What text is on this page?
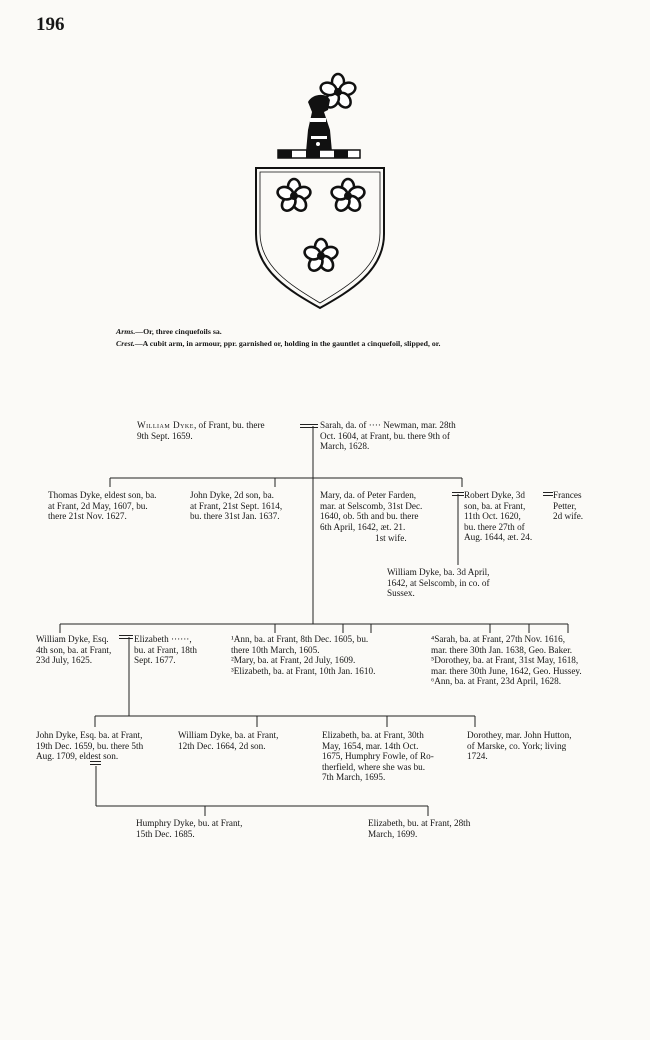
196
Arms.—Or, three cinquefoils sa.
Crest.—A cubit arm, in armour, ppr. garnished or, holding in the gauntlet a cinquefoil, slipped, or.
William Dyke, of Frant, bu. there
9th Sept. 1659.
Sarah, da. of ···· Newman, mar. 28th
Oct. 1604, at Frant, bu. there 9th of
March, 1628.
Thomas Dyke, eldest son, ba.
at Frant, 2d May, 1607, bu.
there 21st Nov. 1627.
John Dyke, 2d son, ba.
at Frant, 21st Sept. 1614,
bu. there 31st Jan. 1637.
Mary, da. of Peter Farden,
mar. at Selscomb, 31st Dec.
1640, ob. 5th and bu. there
6th April, 1642, æt. 21.
1st wife.
Robert Dyke, 3d
son, ba. at Frant,
11th Oct. 1620,
bu. there 27th of
Aug. 1644, æt. 24.
Frances
Petter,
2d wife.
William Dyke, ba. 3d April,
1642, at Selscomb, in co. of
Sussex.
William Dyke, Esq.
4th son, ba. at Frant,
23d July, 1625.
Elizabeth ······,
bu. at Frant, 18th
Sept. 1677.
¹Ann, ba. at Frant, 8th Dec. 1605, bu.
there 10th March, 1605.
²Mary, ba. at Frant, 2d July, 1609.
³Elizabeth, ba. at Frant, 10th Jan. 1610.
⁴Sarah, ba. at Frant, 27th Nov. 1616,
mar. there 30th Jan. 1638, Geo. Baker.
⁵Dorothey, ba. at Frant, 31st May, 1618,
mar. there 30th June, 1642, Geo. Hussey.
⁶Ann, ba. at Frant, 23d April, 1628.
John Dyke, Esq. ba. at Frant,
19th Dec. 1659, bu. there 5th
Aug. 1709, eldest son.
William Dyke, ba. at Frant,
12th Dec. 1664, 2d son.
Elizabeth, ba. at Frant, 30th
May, 1654, mar. 14th Oct.
1675, Humphry Fowle, of Ro-
therfield, where she was bu.
7th March, 1695.
Dorothey, mar. John Hutton,
of Marske, co. York; living
1724.
Humphry Dyke, bu. at Frant,
15th Dec. 1685.
Elizabeth, bu. at Frant, 28th
March, 1699.
